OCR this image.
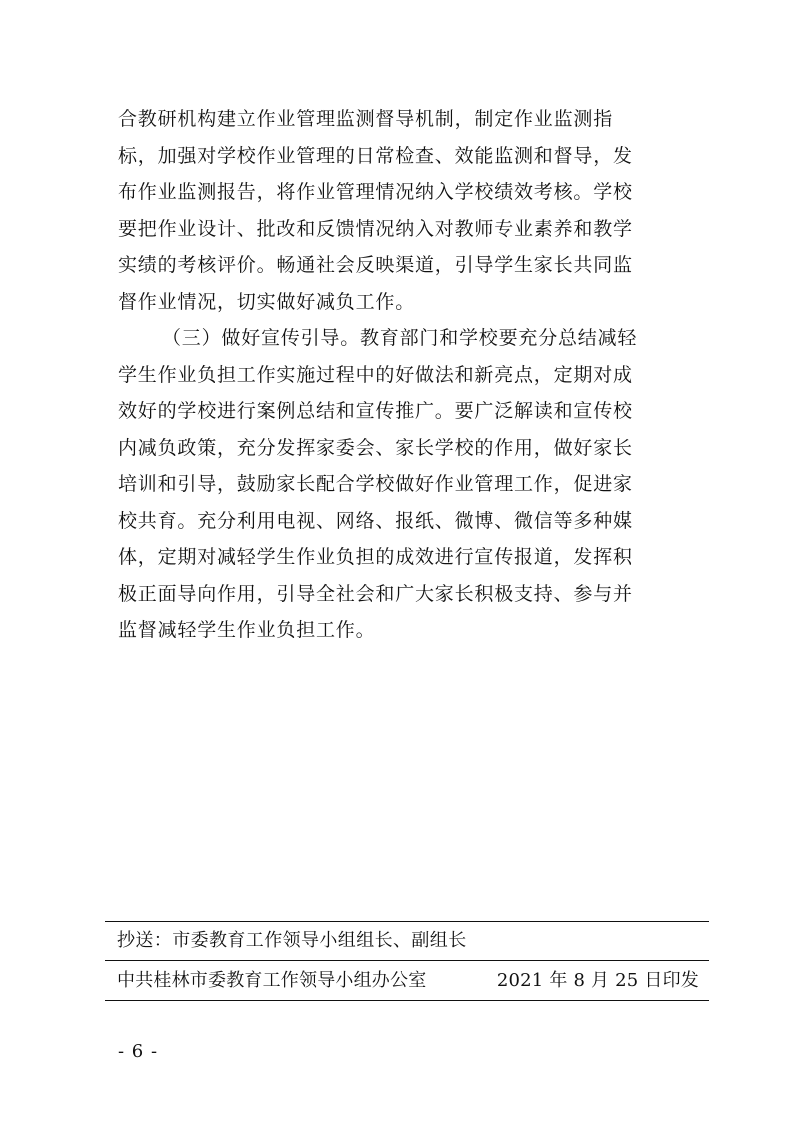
合教研机构建立作业管理监测督导机制，制定作业监测指
标，加强对学校作业管理的日常检查、效能监测和督导，发
布作业监测报告，将作业管理情况纳入学校绩效考核。学校
要把作业设计、批改和反馈情况纳入对教师专业素养和教学
实绩的考核评价。畅通社会反映渠道，引导学生家长共同监
督作业情况，切实做好减负工作。
（三）做好宣传引导。教育部门和学校要充分总结减轻
学生作业负担工作实施过程中的好做法和新亮点，定期对成
效好的学校进行案例总结和宣传推广。要广泛解读和宣传校
内减负政策，充分发挥家委会、家长学校的作用，做好家长
培训和引导，鼓励家长配合学校做好作业管理工作，促进家
校共育。充分利用电视、网络、报纸、微博、微信等多种媒
体，定期对减轻学生作业负担的成效进行宣传报道，发挥积
极正面导向作用，引导全社会和广大家长积极支持、参与并
监督减轻学生作业负担工作。
抄送：市委教育工作领导小组组长、副组长
中共桂林市委教育工作领导小组办公室	2021 年 8 月 25 日印发
- 6 -
